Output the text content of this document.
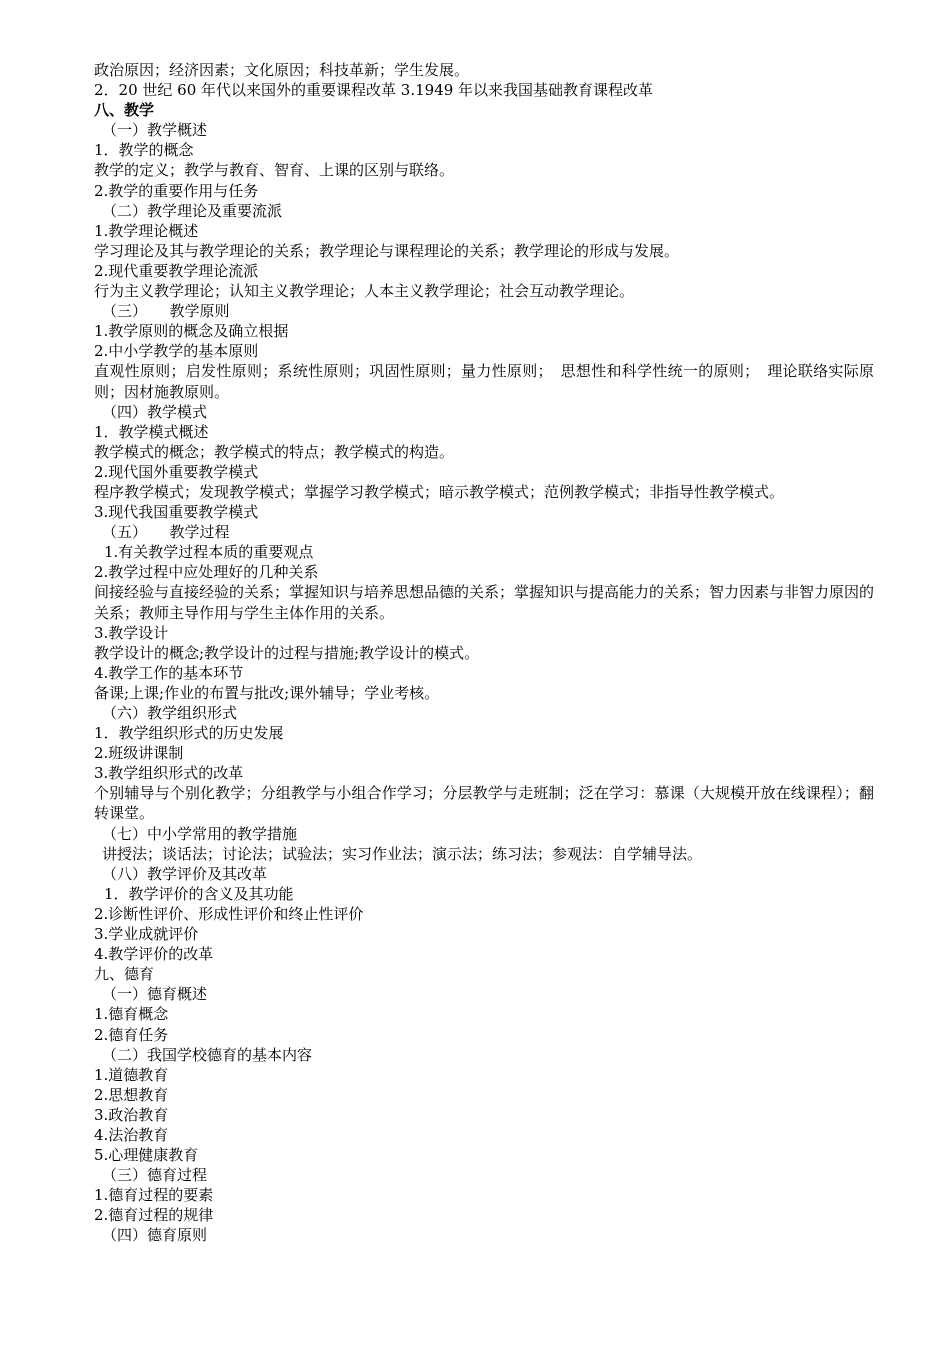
政治原因；经济因素；文化原因；科技革新；学生发展。
2．20 世纪 60 年代以来国外的重要课程改革 3.1949 年以来我国基础教育课程改革
八、教学
（一）教学概述
1．教学的概念
教学的定义；教学与教育、智育、上课的区别与联络。
2.教学的重要作用与任务
（二）教学理论及重要流派
1.教学理论概述
学习理论及其与教学理论的关系；教学理论与课程理论的关系；教学理论的形成与发展。
2.现代重要教学理论流派
行为主义教学理论；认知主义教学理论；人本主义教学理论；社会互动教学理论。
（三）　　教学原则
1.教学原则的概念及确立根据
2.中小学教学的基本原则
直观性原则；启发性原则；系统性原则；巩固性原则；量力性原则；　思想性和科学性统一的原则；　理论联络实际原则；因材施教原则。
（四）教学模式
1．教学模式概述
教学模式的概念；教学模式的特点；教学模式的构造。
2.现代国外重要教学模式
程序教学模式；发现教学模式；掌握学习教学模式；暗示教学模式；范例教学模式；非指导性教学模式。
3.现代我国重要教学模式
（五）　　教学过程
1.有关教学过程本质的重要观点
2.教学过程中应处理好的几种关系
间接经验与直接经验的关系；掌握知识与培养思想品德的关系；掌握知识与提高能力的关系；智力因素与非智力原因的关系；教师主导作用与学生主体作用的关系。
3.教学设计
教学设计的概念;教学设计的过程与措施;教学设计的模式。
4.教学工作的基本环节
备课;上课;作业的布置与批改;课外辅导；学业考核。
（六）教学组织形式
1．教学组织形式的历史发展
2.班级讲课制
3.教学组织形式的改革
个别辅导与个别化教学；分组教学与小组合作学习；分层教学与走班制；泛在学习：慕课（大规模开放在线课程）；翻转课堂。
（七）中小学常用的教学措施
讲授法；谈话法；讨论法；试验法；实习作业法；演示法；练习法；参观法：自学辅导法。
（八）教学评价及其改革
1．教学评价的含义及其功能
2.诊断性评价、形成性评价和终止性评价
3.学业成就评价
4.教学评价的改革
九、德育
（一）德育概述
1.德育概念
2.德育任务
（二）我国学校德育的基本内容
1.道德教育
2.思想教育
3.政治教育
4.法治教育
5.心理健康教育
（三）德育过程
1.德育过程的要素
2.德育过程的规律
（四）德育原则
